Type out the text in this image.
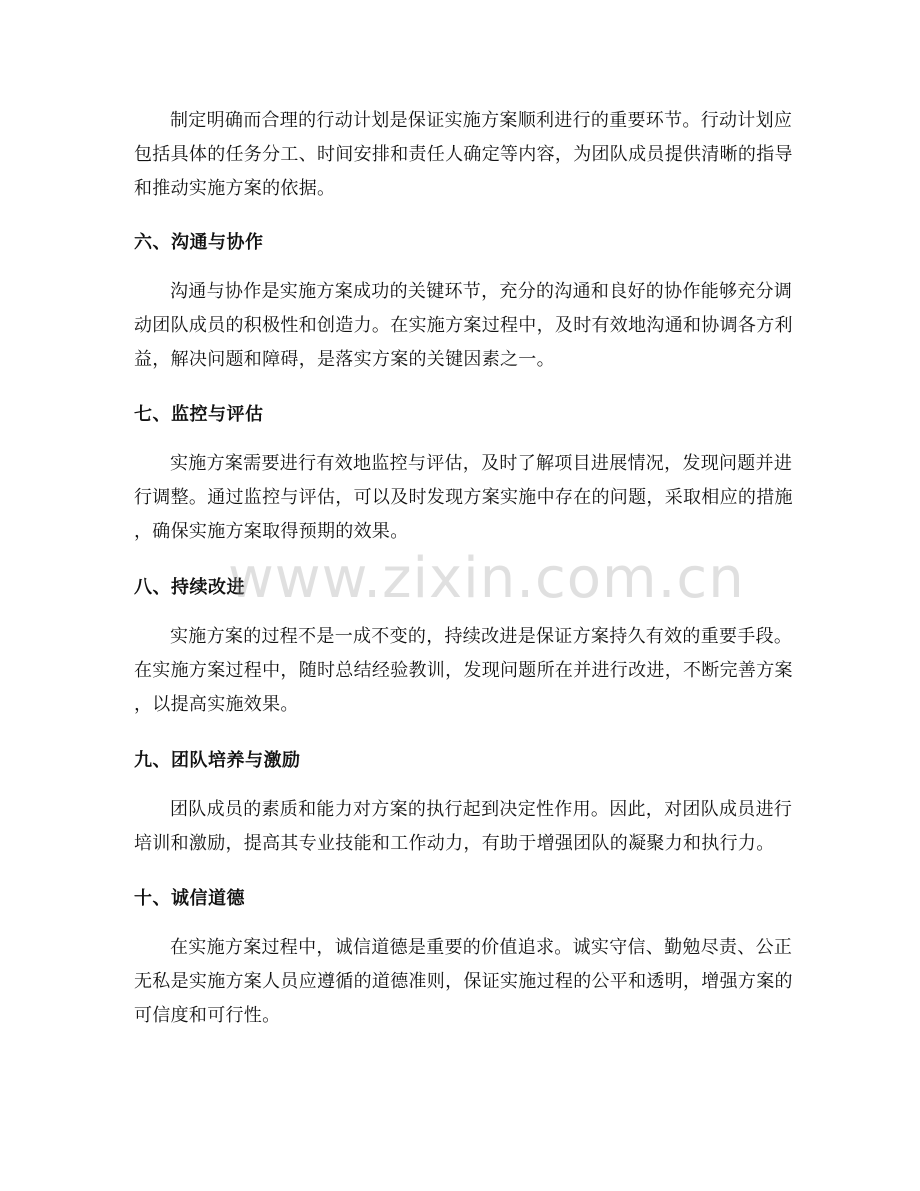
制定明确而合理的行动计划是保证实施方案顺利进行的重要环节。行动计划应
包括具体的任务分工、时间安排和责任人确定等内容，为团队成员提供清晰的指导
和推动实施方案的依据。

六、沟通与协作

沟通与协作是实施方案成功的关键环节，充分的沟通和良好的协作能够充分调
动团队成员的积极性和创造力。在实施方案过程中，及时有效地沟通和协调各方利
益，解决问题和障碍，是落实方案的关键因素之一。

七、监控与评估

实施方案需要进行有效地监控与评估，及时了解项目进展情况，发现问题并进
行调整。通过监控与评估，可以及时发现方案实施中存在的问题，采取相应的措施
，确保实施方案取得预期的效果。

八、持续改进

实施方案的过程不是一成不变的，持续改进是保证方案持久有效的重要手段。
在实施方案过程中，随时总结经验教训，发现问题所在并进行改进，不断完善方案
，以提高实施效果。

九、团队培养与激励

团队成员的素质和能力对方案的执行起到决定性作用。因此，对团队成员进行
培训和激励，提高其专业技能和工作动力，有助于增强团队的凝聚力和执行力。

十、诚信道德

在实施方案过程中，诚信道德是重要的价值追求。诚实守信、勤勉尽责、公正
无私是实施方案人员应遵循的道德准则，保证实施过程的公平和透明，增强方案的
可信度和可行性。

www.zixin.com.cn
